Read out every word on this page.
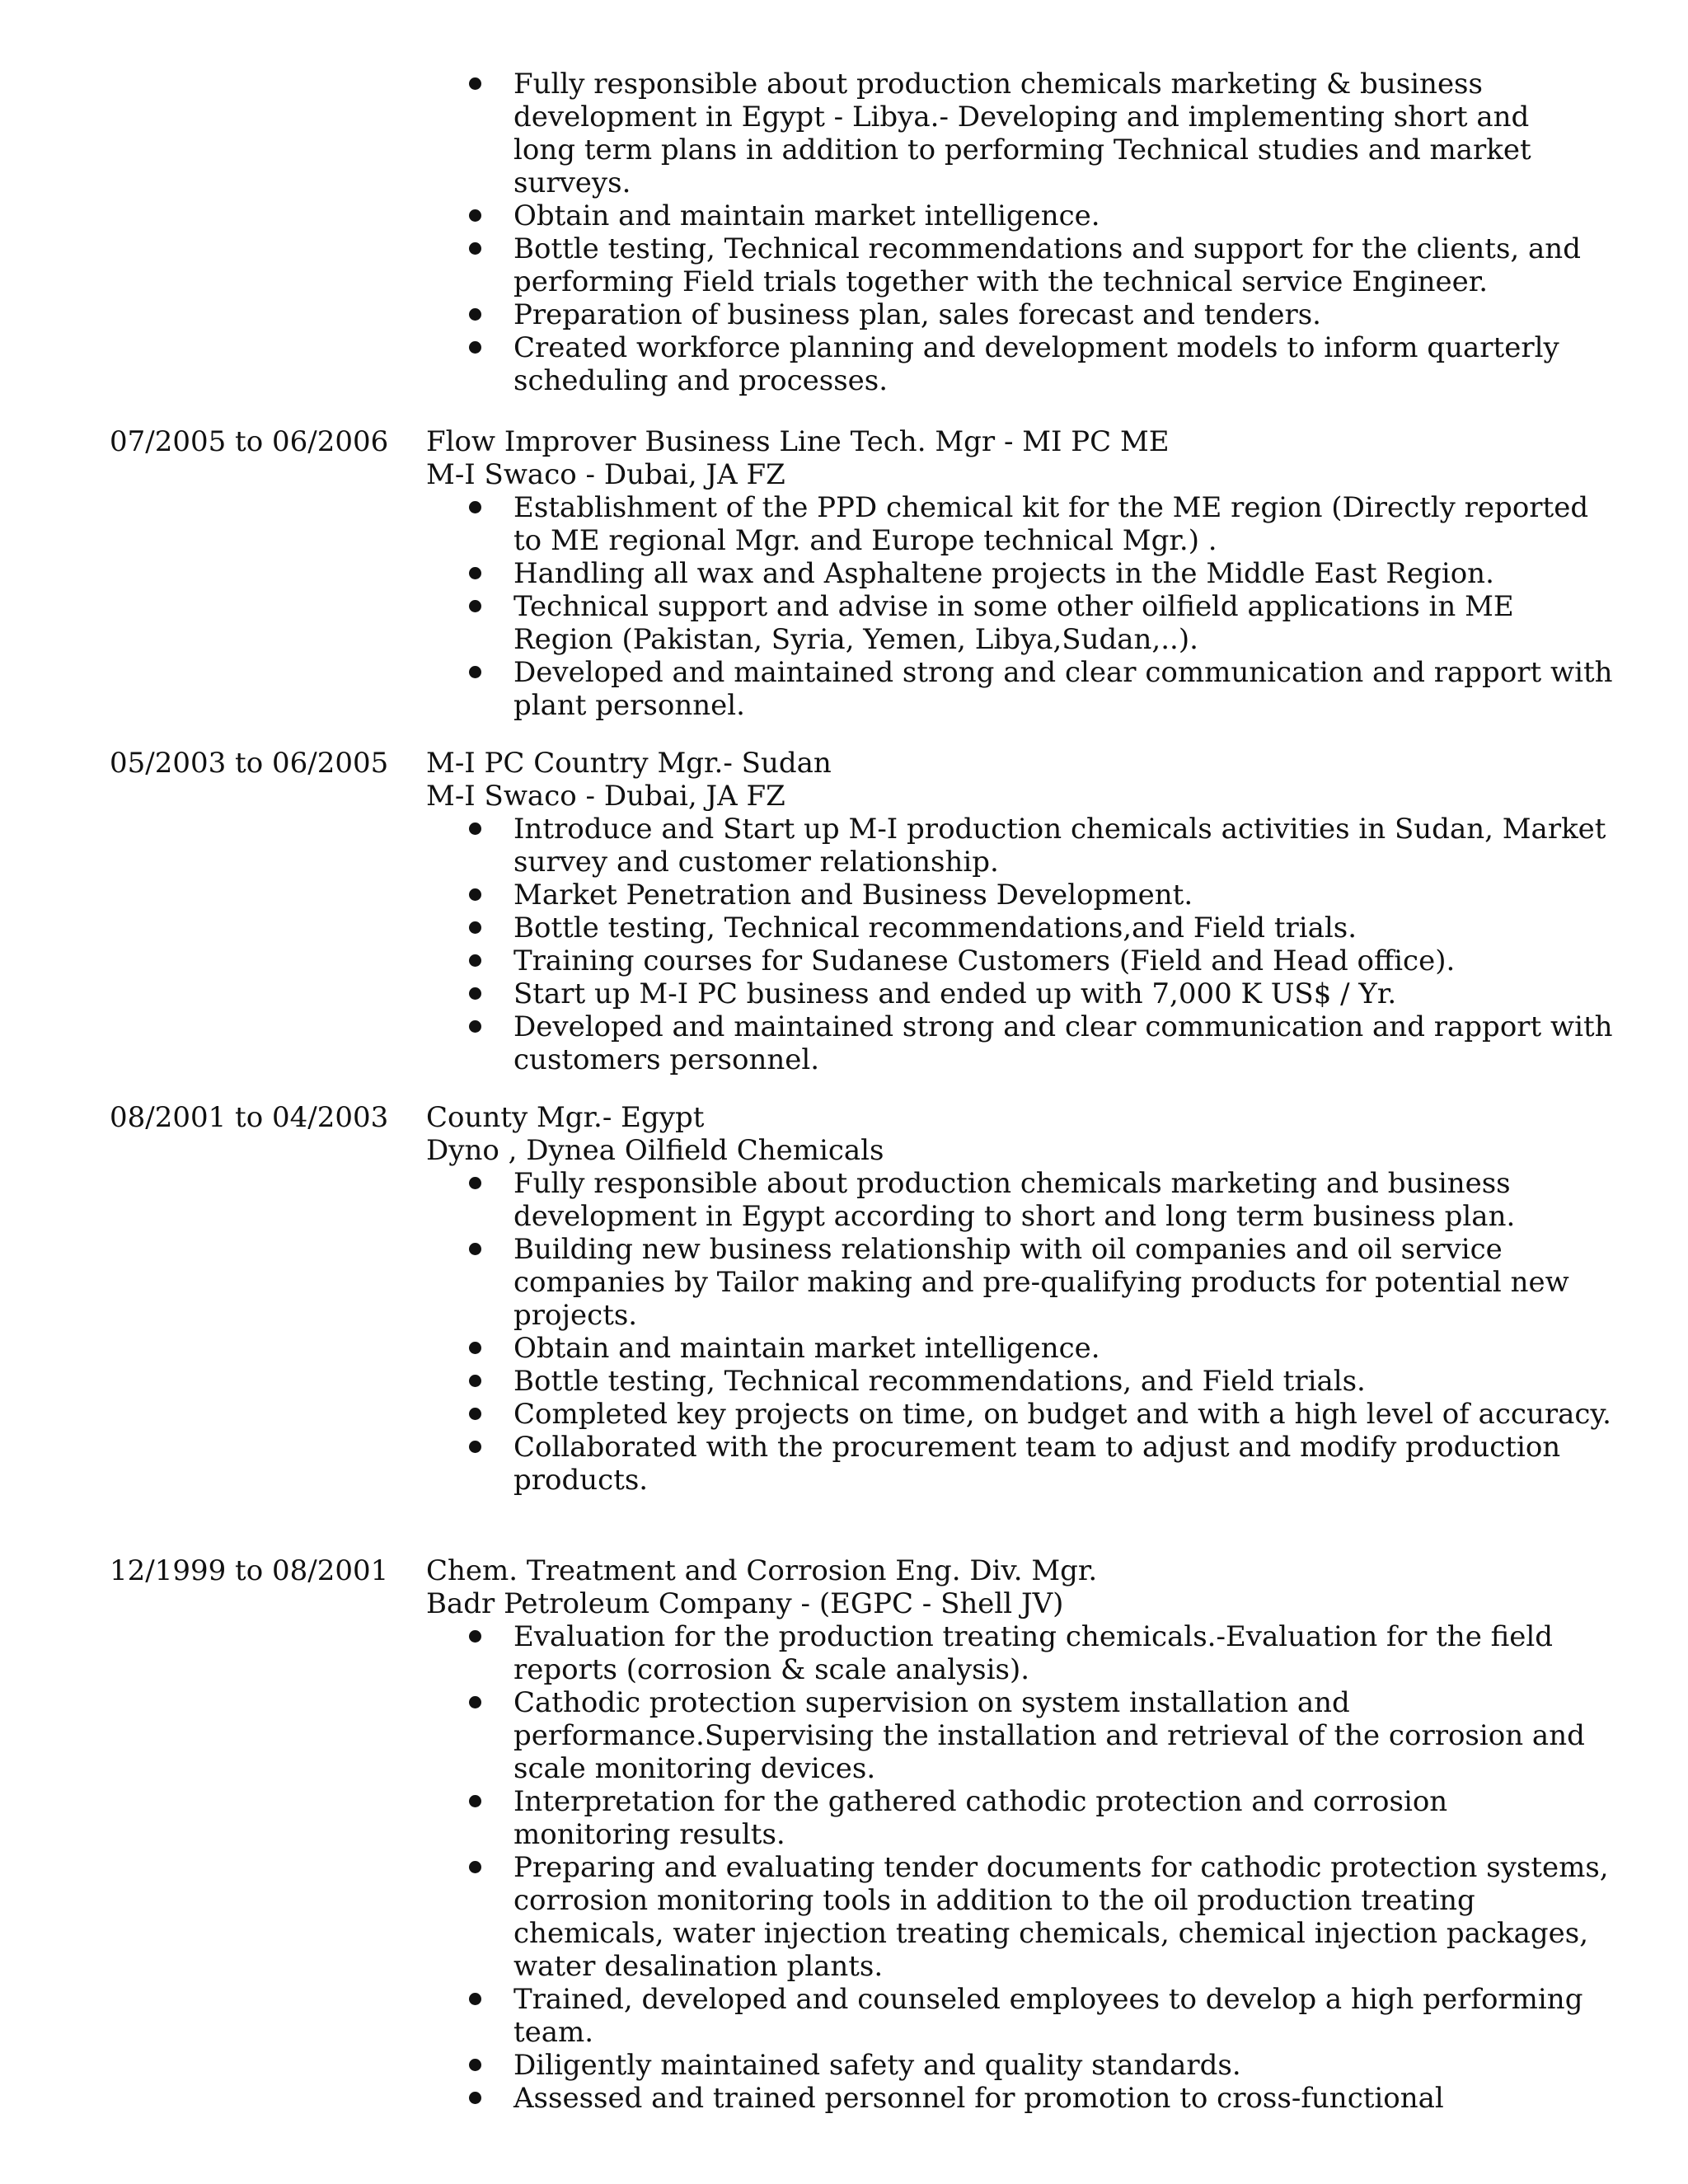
Fully responsible about production chemicals marketing & business development in Egypt - Libya.- Developing and implementing short and long term plans in addition to performing Technical studies and market surveys.
Obtain and maintain market intelligence.
Bottle testing, Technical recommendations and support for the clients, and performing Field trials together with the technical service Engineer.
Preparation of business plan, sales forecast and tenders.
Created workforce planning and development models to inform quarterly scheduling and processes.
07/2005 to 06/2006 Flow Improver Business Line Tech. Mgr - MI PC ME
M-I Swaco - Dubai, JA FZ
Establishment of the PPD chemical kit for the ME region (Directly reported to ME regional Mgr. and Europe technical Mgr.) .
Handling all wax and Asphaltene projects in the Middle East Region.
Technical support and advise in some other oilfield applications in ME Region (Pakistan, Syria, Yemen, Libya,Sudan,..).
Developed and maintained strong and clear communication and rapport with plant personnel.
05/2003 to 06/2005 M-I PC Country Mgr.- Sudan
M-I Swaco - Dubai, JA FZ
Introduce and Start up M-I production chemicals activities in Sudan, Market survey and customer relationship.
Market Penetration and Business Development.
Bottle testing, Technical recommendations,and Field trials.
Training courses for Sudanese Customers (Field and Head office).
Start up M-I PC business and ended up with 7,000 K US$ / Yr.
Developed and maintained strong and clear communication and rapport with customers personnel.
08/2001 to 04/2003 County Mgr.- Egypt
Dyno , Dynea Oilfield Chemicals
Fully responsible about production chemicals marketing and business development in Egypt according to short and long term business plan.
Building new business relationship with oil companies and oil service companies by Tailor making and pre-qualifying products for potential new projects.
Obtain and maintain market intelligence.
Bottle testing, Technical recommendations, and Field trials.
Completed key projects on time, on budget and with a high level of accuracy.
Collaborated with the procurement team to adjust and modify production products.
12/1999 to 08/2001 Chem. Treatment and Corrosion Eng. Div. Mgr.
Badr Petroleum Company - (EGPC - Shell JV)
Evaluation for the production treating chemicals.-Evaluation for the field reports (corrosion & scale analysis).
Cathodic protection supervision on system installation and performance.Supervising the installation and retrieval of the corrosion and scale monitoring devices.
Interpretation for the gathered cathodic protection and corrosion monitoring results.
Preparing and evaluating tender documents for cathodic protection systems, corrosion monitoring tools in addition to the oil production treating chemicals, water injection treating chemicals, chemical injection packages, water desalination plants.
Trained, developed and counseled employees to develop a high performing team.
Diligently maintained safety and quality standards.
Assessed and trained personnel for promotion to cross-functional
